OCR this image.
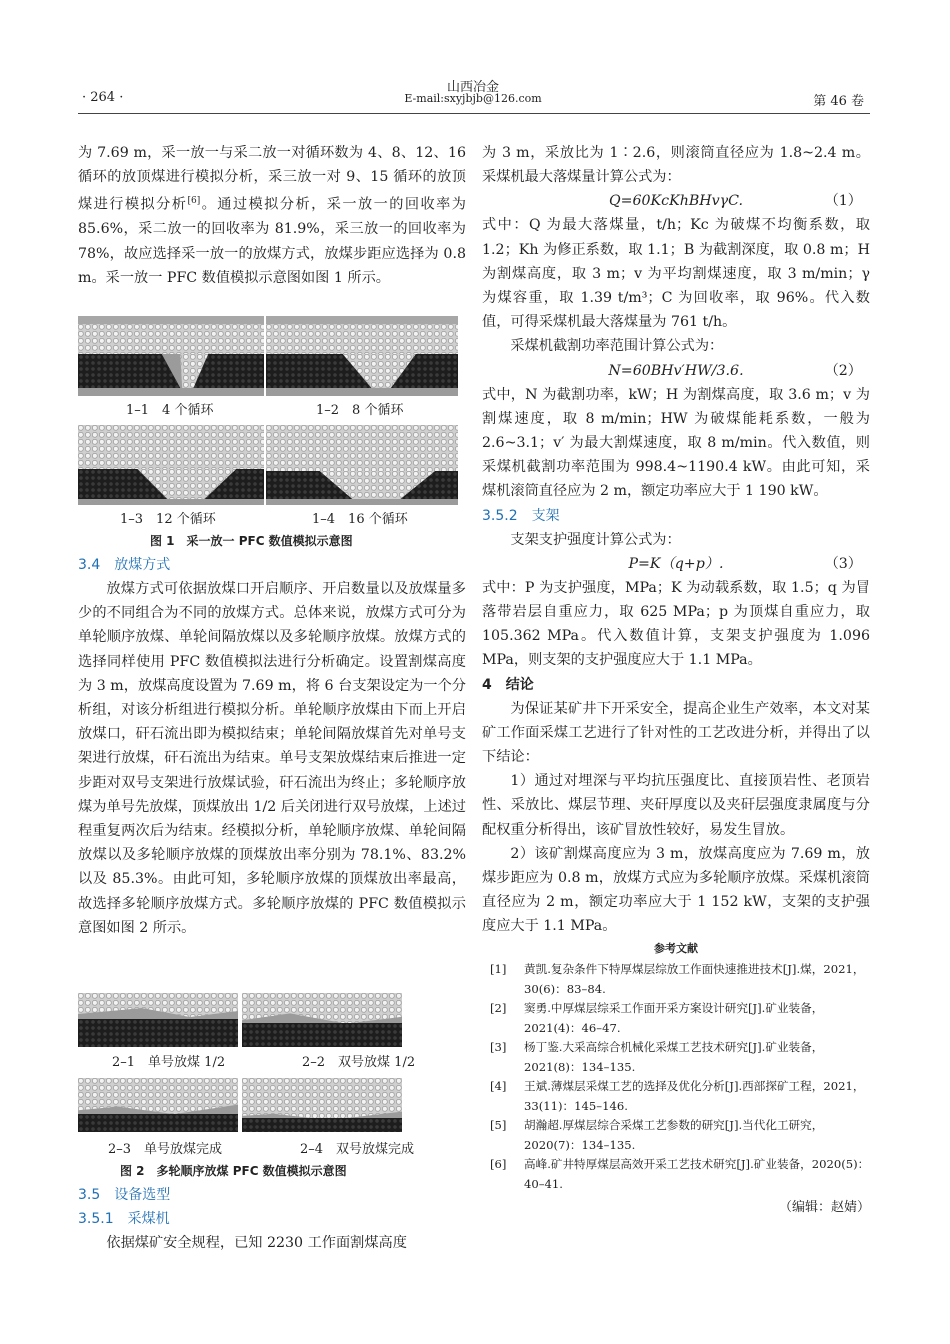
· 264 ·
山西冶金
E-mail:sxyjbjb@126.com	第 46 卷

为 7.69 m，采一放一与采二放一对循环数为 4、8、12、16 循环的放顶煤进行模拟分析，采三放一对 9、15 循环的放顶煤进行模拟分析[6]。通过模拟分析，采一放一的回收率为 85.6%，采二放一的回收率为 81.9%，采三放一的回收率为 78%，故应选择采一放一的放煤方式，放煤步距应选择为 0.8 m。采一放一 PFC 数值模拟示意图如图 1 所示。

1–1　4 个循环	1–2　8 个循环
1–3　12 个循环	1–4　16 个循环
图 1　采一放一 PFC 数值模拟示意图

3.4　放煤方式

放煤方式可依据放煤口开启顺序、开启数量以及放煤量多少的不同组合为不同的放煤方式。总体来说，放煤方式可分为单轮顺序放煤、单轮间隔放煤以及多轮顺序放煤。放煤方式的选择同样使用 PFC 数值模拟法进行分析确定。设置割煤高度为 3 m，放煤高度设置为 7.69 m，将 6 台支架设定为一个分析组，对该分析组进行模拟分析。单轮顺序放煤由下而上开启放煤口，矸石流出即为模拟结束；单轮间隔放煤首先对单号支架进行放煤，矸石流出为结束。单号支架放煤结束后推进一定步距对双号支架进行放煤试验，矸石流出为终止；多轮顺序放煤为单号先放煤，顶煤放出 1/2 后关闭进行双号放煤，上述过程重复两次后为结束。经模拟分析，单轮顺序放煤、单轮间隔放煤以及多轮顺序放煤的顶煤放出率分别为 78.1%、83.2% 以及 85.3%。由此可知，多轮顺序放煤的顶煤放出率最高，故选择多轮顺序放煤方式。多轮顺序放煤的 PFC 数值模拟示意图如图 2 所示。

2–1　单号放煤 1/2	2–2　双号放煤 1/2
2–3　单号放煤完成	2–4　双号放煤完成
图 2　多轮顺序放煤 PFC 数值模拟示意图

3.5　设备选型

3.5.1　采煤机

依据煤矿安全规程，已知 2230 工作面割煤高度

为 3 m，采放比为 1∶2.6，则滚筒直径应为 1.8~2.4 m。采煤机最大落煤量计算公式为：

Q=60KcKhBHvγC.	（1）

式中：Q 为最大落煤量，t/h；Kc 为破煤不均衡系数，取 1.2；Kh 为修正系数，取 1.1；B 为截割深度，取 0.8 m；H 为割煤高度，取 3 m；v 为平均割煤速度，取 3 m/min；γ 为煤容重，取 1.39 t/m³；C 为回收率，取 96%。代入数值，可得采煤机最大落煤量为 761 t/h。

采煤机截割功率范围计算公式为：

N=60BHv′HW/3.6.	（2）

式中，N 为截割功率，kW；H 为割煤高度，取 3.6 m；v 为割煤速度，取 8 m/min；HW 为破煤能耗系数，一般为 2.6~3.1；v′ 为最大割煤速度，取 8 m/min。代入数值，则采煤机截割功率范围为 998.4~1190.4 kW。由此可知，采煤机滚筒直径应为 2 m，额定功率应大于 1 190 kW。

3.5.2　支架

支架支护强度计算公式为：

P=K（q+p）.	（3）

式中：P 为支护强度，MPa；K 为动载系数，取 1.5；q 为冒落带岩层自重应力，取 625 MPa；p 为顶煤自重应力，取 105.362 MPa。代入数值计算，支架支护强度为 1.096 MPa，则支架的支护强度应大于 1.1 MPa。

4　结论

为保证某矿井下开采安全，提高企业生产效率，本文对某矿工作面采煤工艺进行了针对性的工艺改进分析，并得出了以下结论：

1）通过对埋深与平均抗压强度比、直接顶岩性、老顶岩性、采放比、煤层节理、夹矸厚度以及夹矸层强度隶属度与分配权重分析得出，该矿冒放性较好，易发生冒放。

2）该矿割煤高度应为 3 m，放煤高度应为 7.69 m，放煤步距应为 0.8 m，放煤方式应为多轮顺序放煤。采煤机滚筒直径应为 2 m，额定功率应大于 1 152 kW，支架的支护强度应大于 1.1 MPa。

参考文献

[1] 黄凯.复杂条件下特厚煤层综放工作面快速推进技术[J].煤，2021，30(6)：83–84.
[2] 窦勇.中厚煤层综采工作面开采方案设计研究[J].矿业装备，2021(4)：46–47.
[3] 杨丁鉴.大采高综合机械化采煤工艺技术研究[J].矿业装备，2021(8)：134–135.
[4] 王斌.薄煤层采煤工艺的选择及优化分析[J].西部探矿工程，2021，33(11)：145–146.
[5] 胡瀚超.厚煤层综合采煤工艺参数的研究[J].当代化工研究，2020(7)：134–135.
[6] 高峰.矿井特厚煤层高效开采工艺技术研究[J].矿业装备，2020(5)：40–41.

（编辑：赵婧）
